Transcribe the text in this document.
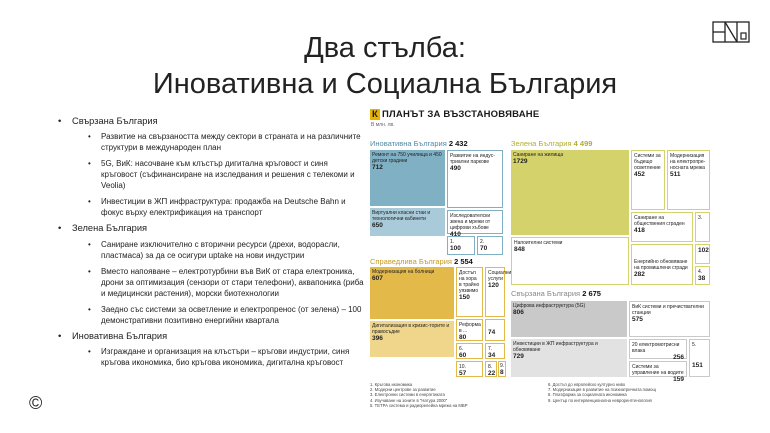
Два стълба:
Иновативна и Социална България
• Свързана България
• Развитие на свързаността между сектори в страната и на различните структури в международен план
• 5G, ВиК: насочване към клъстър дигитална кръговост и синя кръговост (съфинансиране на изследвания и решения с телекоми и Veolia)
• Инвестиции в ЖП инфраструктура: продажба на Deutsche Bahn и фокус върху електрификация на транспорт
• Зелена България
• Саниране изключително с вторични ресурси (дрехи, водорасли, пластмаса) за да се осигури uptake на нови индустрии
• Вместо напояване – електротурбини във ВиК от стара електроника, дрони за оптимизация (сензори от стари телефони), аквапоника (риба и медицински растения), морски биотехнологии
• Заедно със системи за осветление и електропренос (от зелена) – 100 демонстративни позитивно енергийни квартала
• Иновативна България
• Изграждане и организация на клъстъри – кръгови индустрии, синя кръгова икономика, био кръгова икономика, дигитална кръговост
©
К ПЛАНЪТ ЗА ВЪЗСТАНОВЯВАНЕ
В млн. лв.
Иновативна България 2 432
Ремонт на 750 училища и 450 детски градини
712
Развитие на индус-триални паркове
490
Виртуални класни стаи и технологични кабинети
650
Изследователски звена и мрежи от цифрови хъбове
410
1.
100
2.
70
Зелена България 4 499
Саниране на жилища
1729
Системи за бъдещо осветление
452
Модернизация на електропре-носната мрежа
511
Саниране на обществения сграден
418
3.
Напоителни системи
848
Енергийно обновяване на промишлени сгради
282
102
4.
38
Справедлива България 2 554
Модернизация на болници
607
Достъп на хора в трайно уязвимо
150
Социални услуги
120
Дигитализация в кризис-торите и правосъдие
396
Реформа в ...
80
74
6.
60
7.
34
10.
57
8.
22
9.
8
Свързана България 2 675
Цифрова инфраструктура (5G)
806
ВиК системи и пречиствателни станции
575
Инвестиции в ЖП инфраструктура и обновяване
729
20 електромотрисни влака
256
Системи за управление на водите
159
5.
151
1. Кръгова икономика
2. Модерни центрове за развитие
3. Електронни системи в енергетиката
4. Изучаване на зоните в "Натура 2000"
5. ТЕТРА система и радиорелейна мрежа на МВР
6. Достъп до европейско културно ниво
7. Модернизация в развитие на психиатричната помощ
8. Платформа за социалната икономика
9. Център по интервенционална неврорентгенология
